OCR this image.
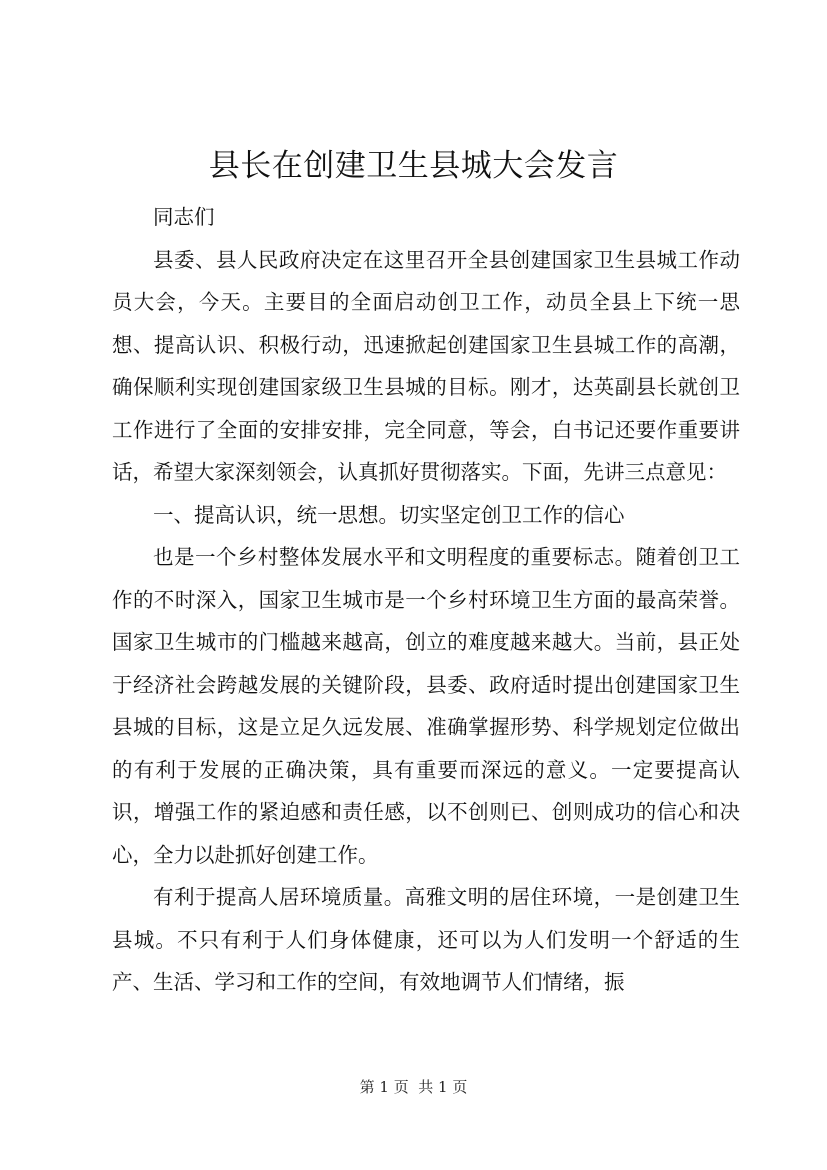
县长在创建卫生县城大会发言

同志们

县委、县人民政府决定在这里召开全县创建国家卫生县城工作动员大会，今天。主要目的全面启动创卫工作，动员全县上下统一思想、提高认识、积极行动，迅速掀起创建国家卫生县城工作的高潮，确保顺利实现创建国家级卫生县城的目标。刚才，达英副县长就创卫工作进行了全面的安排安排，完全同意，等会，白书记还要作重要讲话，希望大家深刻领会，认真抓好贯彻落实。下面，先讲三点意见：

一、提高认识，统一思想。切实坚定创卫工作的信心

也是一个乡村整体发展水平和文明程度的重要标志。随着创卫工作的不时深入，国家卫生城市是一个乡村环境卫生方面的最高荣誉。国家卫生城市的门槛越来越高，创立的难度越来越大。当前，县正处于经济社会跨越发展的关键阶段，县委、政府适时提出创建国家卫生县城的目标，这是立足久远发展、准确掌握形势、科学规划定位做出的有利于发展的正确决策，具有重要而深远的意义。一定要提高认识，增强工作的紧迫感和责任感，以不创则已、创则成功的信心和决心，全力以赴抓好创建工作。

有利于提高人居环境质量。高雅文明的居住环境，一是创建卫生县城。不只有利于人们身体健康，还可以为人们发明一个舒适的生产、生活、学习和工作的空间，有效地调节人们情绪，振

第 1 页  共 1 页
